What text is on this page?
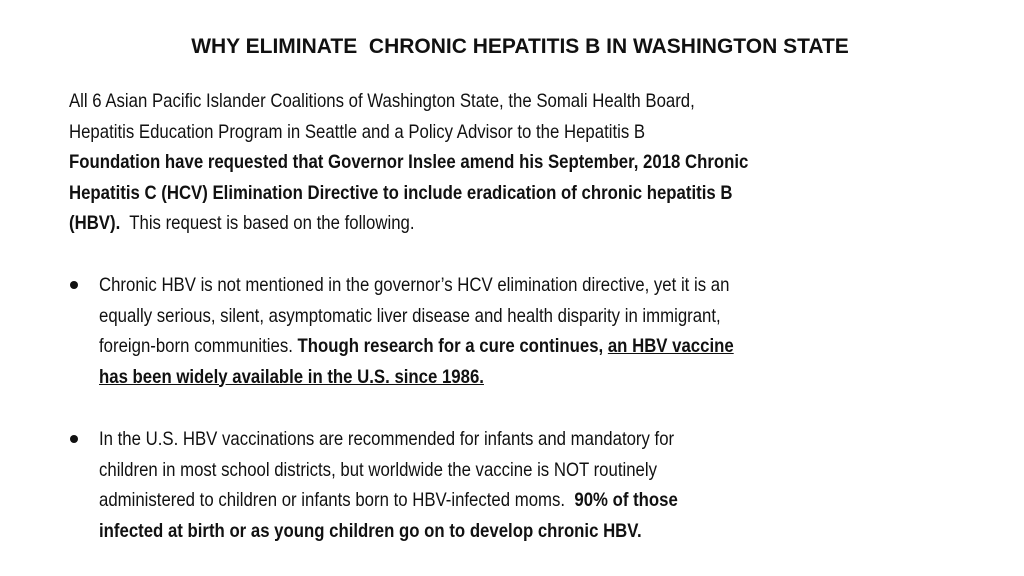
WHY ELIMINATE  CHRONIC HEPATITIS B IN WASHINGTON STATE
All 6 Asian Pacific Islander Coalitions of Washington State, the Somali Health Board,
Hepatitis Education Program in Seattle and a Policy Advisor to the Hepatitis B
Foundation have requested that Governor Inslee amend his September, 2018 Chronic
Hepatitis C (HCV) Elimination Directive to include eradication of chronic hepatitis B
(HBV).  This request is based on the following.
Chronic HBV is not mentioned in the governor’s HCV elimination directive, yet it is an
equally serious, silent, asymptomatic liver disease and health disparity in immigrant,
foreign-born communities. Though research for a cure continues, an HBV vaccine
has been widely available in the U.S. since 1986.
In the U.S. HBV vaccinations are recommended for infants and mandatory for
children in most school districts, but worldwide the vaccine is NOT routinely
administered to children or infants born to HBV-infected moms.  90% of those
infected at birth or as young children go on to develop chronic HBV.
